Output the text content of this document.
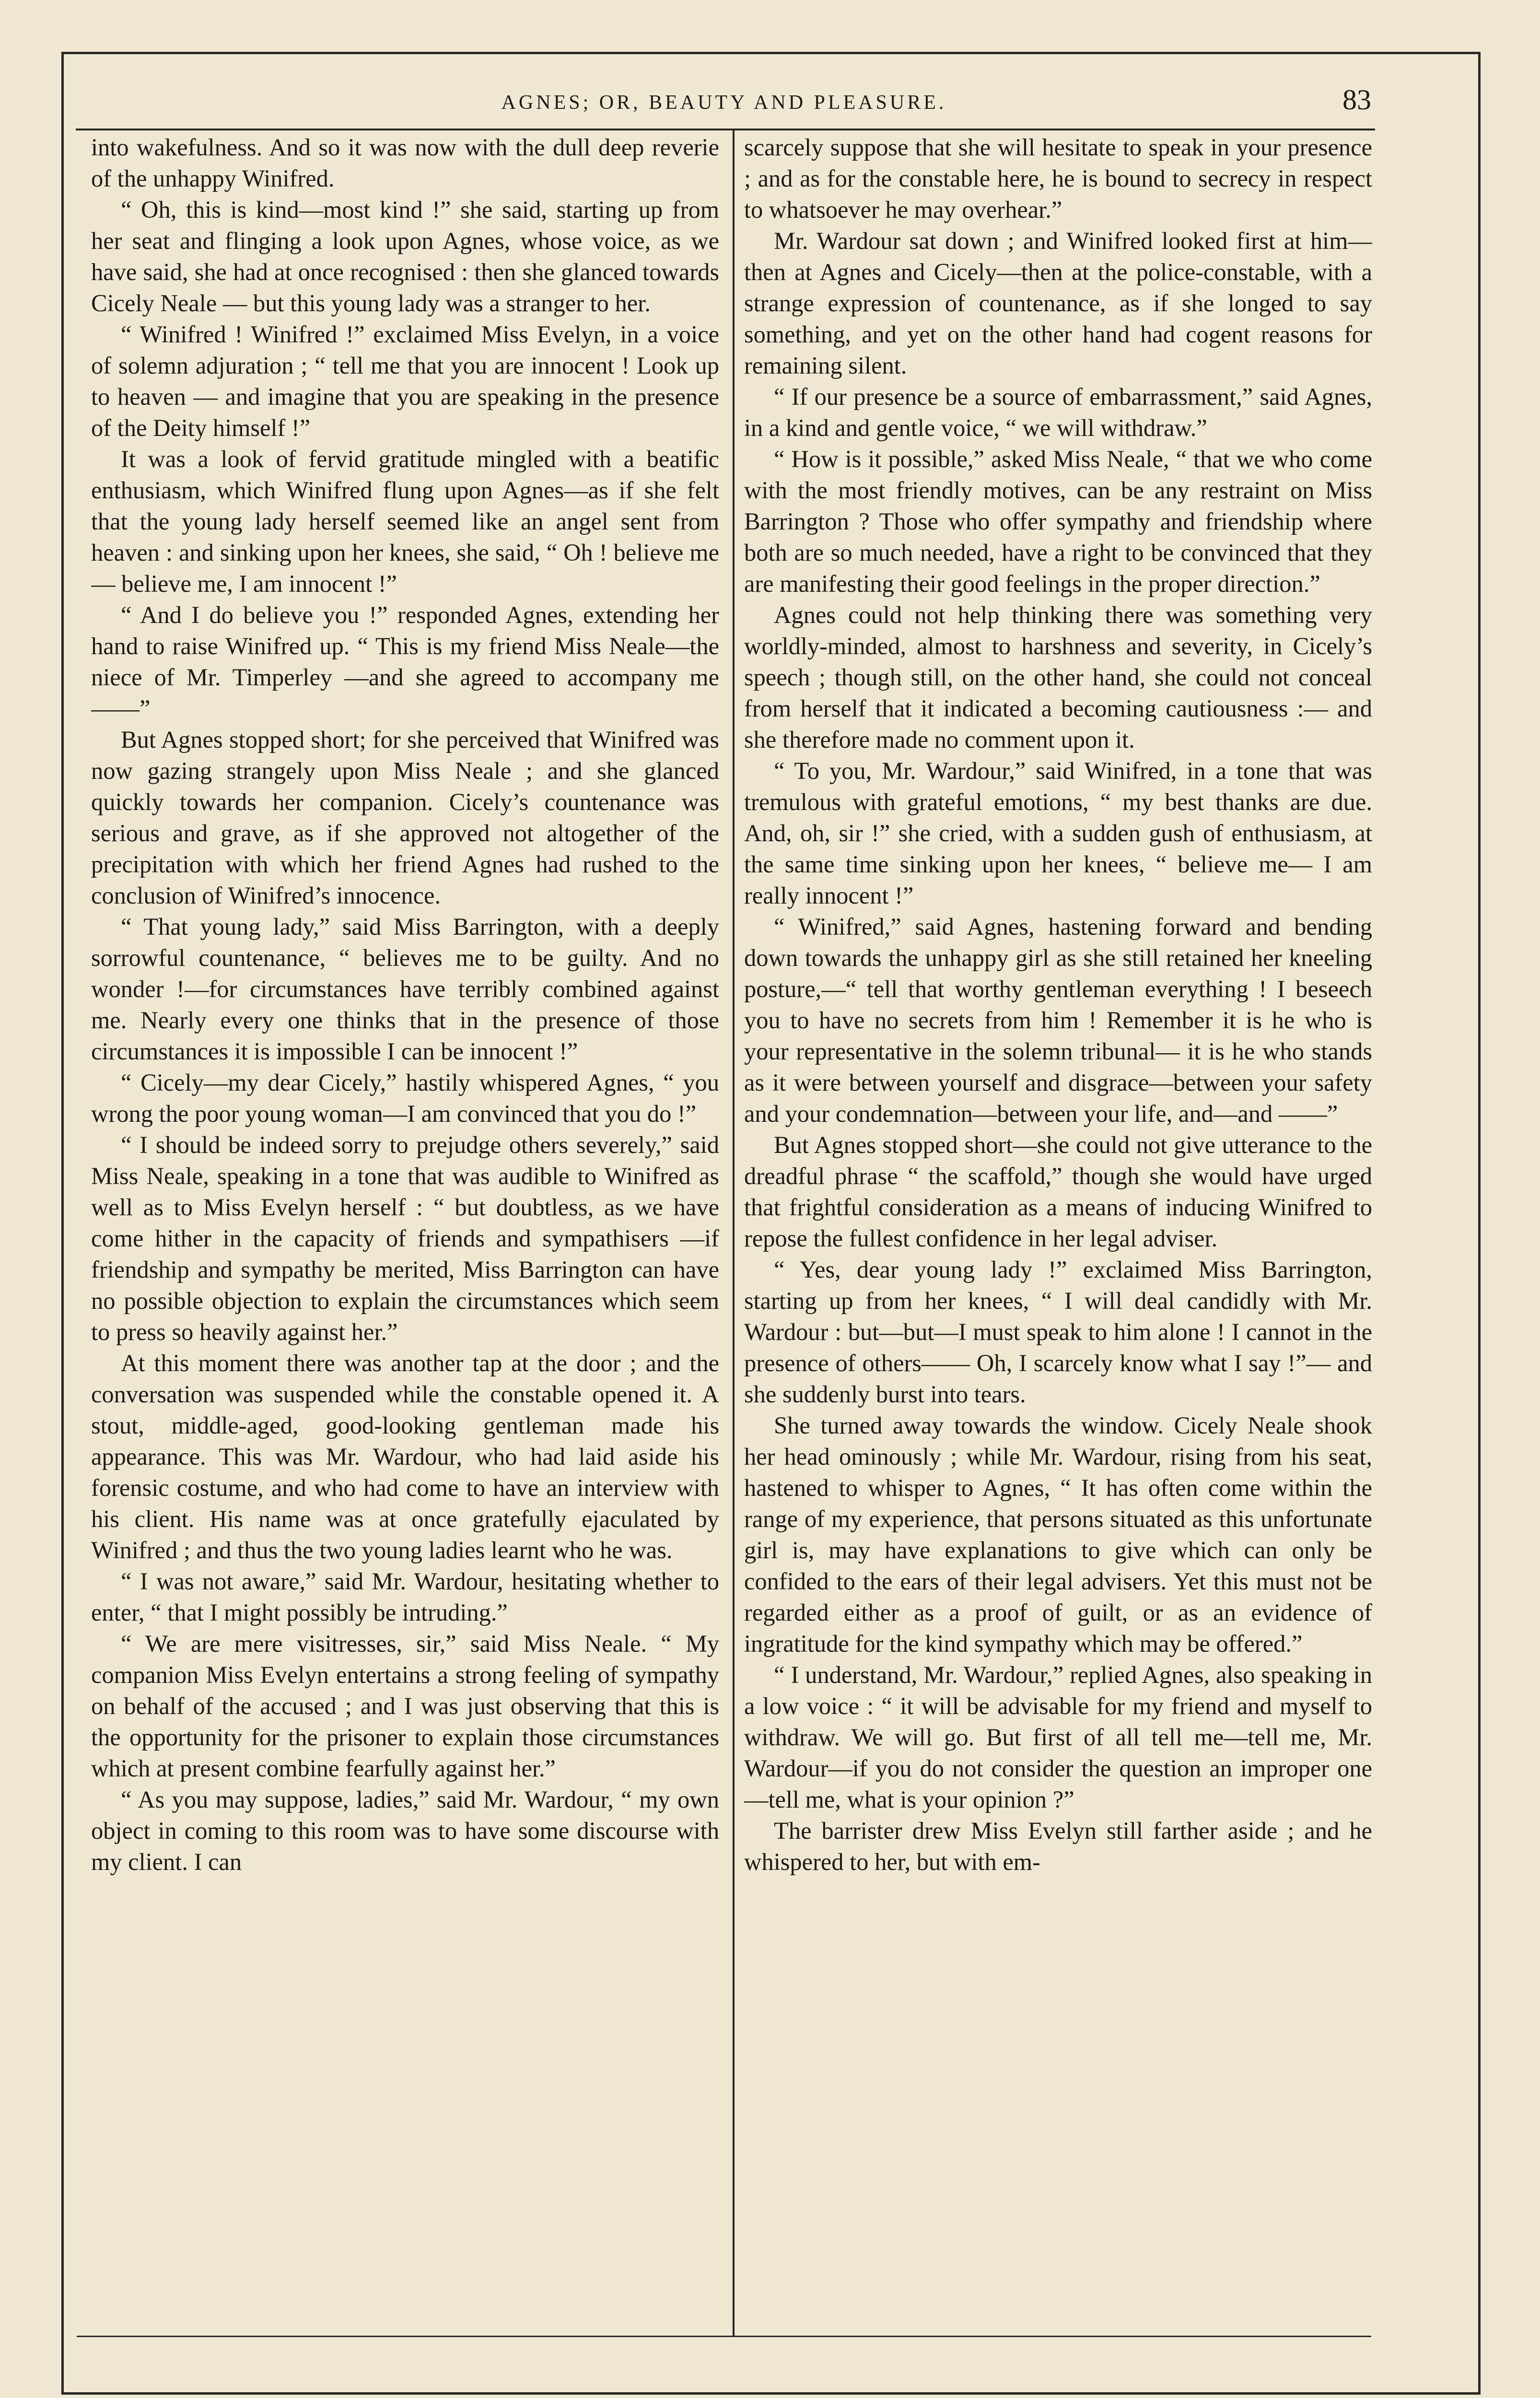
AGNES; OR, BEAUTY AND PLEASURE.	83

into wakefulness. And so it was now with the dull deep reverie of the unhappy Winifred.

“ Oh, this is kind—most kind !” she said, starting up from her seat and flinging a look upon Agnes, whose voice, as we have said, she had at once recognised : then she glanced towards Cicely Neale — but this young lady was a stranger to her.

“ Winifred ! Winifred !” exclaimed Miss Evelyn, in a voice of solemn adjuration ; “ tell me that you are innocent ! Look up to heaven — and imagine that you are speaking in the presence of the Deity himself !”

It was a look of fervid gratitude mingled with a beatific enthusiasm, which Winifred flung upon Agnes—as if she felt that the young lady herself seemed like an angel sent from heaven : and sinking upon her knees, she said, “ Oh ! believe me— believe me, I am innocent !”

“ And I do believe you !” responded Agnes, extending her hand to raise Winifred up. “ This is my friend Miss Neale—the niece of Mr. Timperley —and she agreed to accompany me——”

But Agnes stopped short; for she perceived that Winifred was now gazing strangely upon Miss Neale ; and she glanced quickly towards her companion. Cicely’s countenance was serious and grave, as if she approved not altogether of the precipitation with which her friend Agnes had rushed to the conclusion of Winifred’s innocence.

“ That young lady,” said Miss Barrington, with a deeply sorrowful countenance, “ believes me to be guilty. And no wonder !—for circumstances have terribly combined against me. Nearly every one thinks that in the presence of those circumstances it is impossible I can be innocent !”

“ Cicely—my dear Cicely,” hastily whispered Agnes, “ you wrong the poor young woman—I am convinced that you do !”

“ I should be indeed sorry to prejudge others severely,” said Miss Neale, speaking in a tone that was audible to Winifred as well as to Miss Evelyn herself : “ but doubtless, as we have come hither in the capacity of friends and sympathisers —if friendship and sympathy be merited, Miss Barrington can have no possible objection to explain the circumstances which seem to press so heavily against her.”

At this moment there was another tap at the door ; and the conversation was suspended while the constable opened it. A stout, middle-aged, good-looking gentleman made his appearance. This was Mr. Wardour, who had laid aside his forensic costume, and who had come to have an interview with his client. His name was at once gratefully ejaculated by Winifred ; and thus the two young ladies learnt who he was.

“ I was not aware,” said Mr. Wardour, hesitating whether to enter, “ that I might possibly be intruding.”

“ We are mere visitresses, sir,” said Miss Neale. “ My companion Miss Evelyn entertains a strong feeling of sympathy on behalf of the accused ; and I was just observing that this is the opportunity for the prisoner to explain those circumstances which at present combine fearfully against her.”

“ As you may suppose, ladies,” said Mr. Wardour, “ my own object in coming to this room was to have some discourse with my client. I can

scarcely suppose that she will hesitate to speak in your presence ; and as for the constable here, he is bound to secrecy in respect to whatsoever he may overhear.”

Mr. Wardour sat down ; and Winifred looked first at him—then at Agnes and Cicely—then at the police-constable, with a strange expression of countenance, as if she longed to say something, and yet on the other hand had cogent reasons for remaining silent.

“ If our presence be a source of embarrassment,” said Agnes, in a kind and gentle voice, “ we will withdraw.”

“ How is it possible,” asked Miss Neale, “ that we who come with the most friendly motives, can be any restraint on Miss Barrington ? Those who offer sympathy and friendship where both are so much needed, have a right to be convinced that they are manifesting their good feelings in the proper direction.”

Agnes could not help thinking there was something very worldly-minded, almost to harshness and severity, in Cicely’s speech ; though still, on the other hand, she could not conceal from herself that it indicated a becoming cautiousness :— and she therefore made no comment upon it.

“ To you, Mr. Wardour,” said Winifred, in a tone that was tremulous with grateful emotions, “ my best thanks are due. And, oh, sir !” she cried, with a sudden gush of enthusiasm, at the same time sinking upon her knees, “ believe me— I am really innocent !”

“ Winifred,” said Agnes, hastening forward and bending down towards the unhappy girl as she still retained her kneeling posture,—“ tell that worthy gentleman everything ! I beseech you to have no secrets from him ! Remember it is he who is your representative in the solemn tribunal— it is he who stands as it were between yourself and disgrace—between your safety and your condemnation—between your life, and—and ——”

But Agnes stopped short—she could not give utterance to the dreadful phrase “ the scaffold,” though she would have urged that frightful consideration as a means of inducing Winifred to repose the fullest confidence in her legal adviser.

“ Yes, dear young lady !” exclaimed Miss Barrington, starting up from her knees, “ I will deal candidly with Mr. Wardour : but—but—I must speak to him alone ! I cannot in the presence of others—— Oh, I scarcely know what I say !”— and she suddenly burst into tears.

She turned away towards the window. Cicely Neale shook her head ominously ; while Mr. Wardour, rising from his seat, hastened to whisper to Agnes, “ It has often come within the range of my experience, that persons situated as this unfortunate girl is, may have explanations to give which can only be confided to the ears of their legal advisers. Yet this must not be regarded either as a proof of guilt, or as an evidence of ingratitude for the kind sympathy which may be offered.”

“ I understand, Mr. Wardour,” replied Agnes, also speaking in a low voice : “ it will be advisable for my friend and myself to withdraw. We will go. But first of all tell me—tell me, Mr. Wardour—if you do not consider the question an improper one—tell me, what is your opinion ?”

The barrister drew Miss Evelyn still farther aside ; and he whispered to her, but with em-
